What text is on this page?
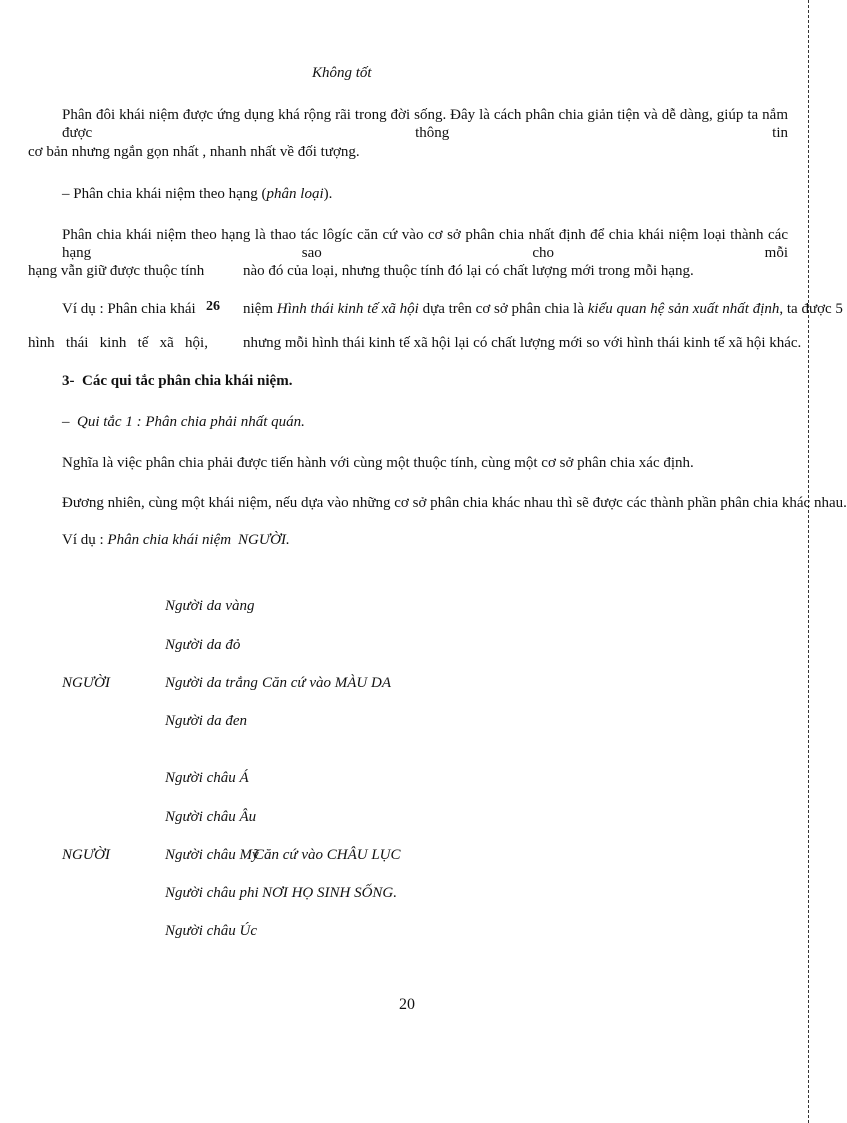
Không tốt
Phân đôi khái niệm được ứng dụng khá rộng rãi trong đời sống. Đây là cách phân chia giản tiện và dễ dàng, giúp ta nắm được thông tin
cơ bản nhưng ngắn gọn nhất , nhanh nhất về đối tượng.
– Phân chia khái niệm theo hạng (phân loại).
Phân chia khái niệm theo hạng là thao tác lôgíc căn cứ vào cơ sở phân chia nhất định để chia khái niệm loại thành các hạng sao cho mỗi
hạng vẫn giữ được thuộc tính	nào đó của loại, nhưng thuộc tính đó lại có chất lượng mới trong mỗi hạng.
Ví dụ : Phân chia khái 26 niệm Hình thái kinh tế xã hội dựa trên cơ sở phân chia là kiểu quan hệ sản xuất nhất định, ta được 5
hình   thái   kinh   tế   xã   hội, nhưng mỗi hình thái kinh tế xã hội lại có chất lượng mới so với hình thái kinh tế xã hội khác.
3-  Các qui tắc phân chia khái niệm.
–  Qui tắc 1 : Phân chia phải nhất quán.
Nghĩa là việc phân chia phải được tiến hành với cùng một thuộc tính, cùng một cơ sở phân chia xác định.
Đương nhiên, cùng một khái niệm, nếu dựa vào những cơ sở phân chia khác nhau thì sẽ được các thành phần phân chia khác nhau.
Ví dụ : Phân chia khái niệm NGƯỜI.
NGƯỜI
Người da vàng
Người da đỏ
Người da trắng
Người da đen
Căn cứ vào MÀU DA
NGƯỜI
Người châu Á
Người châu Âu
Người châu Mỹ
Người châu phi
Người châu Úc
Căn cứ vào CHÂU LỤC
NƠI HỌ SINH SỐNG.
20
